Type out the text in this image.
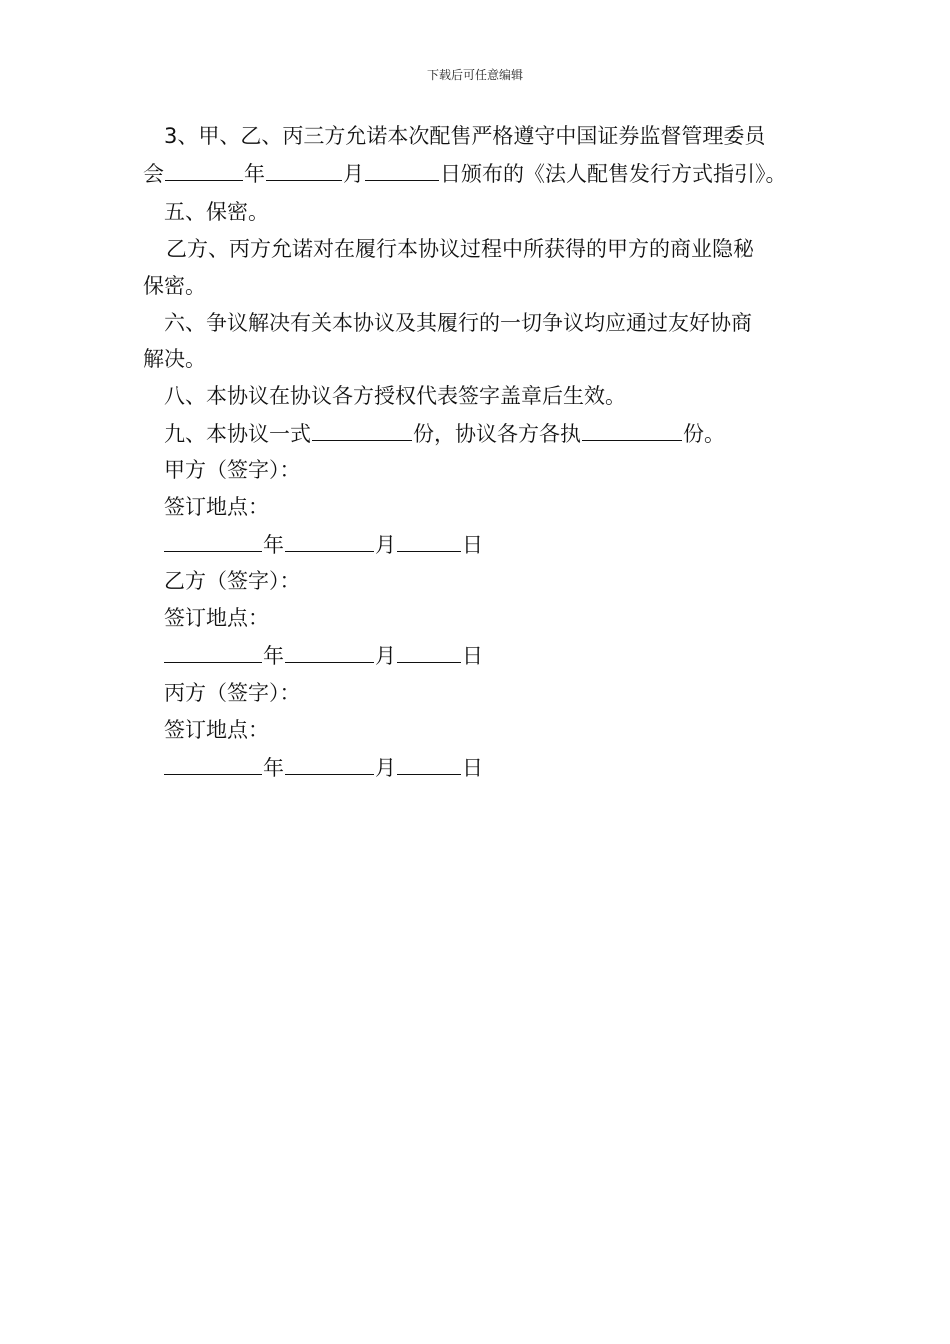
下载后可任意编辑
3、甲、乙、丙三方允诺本次配售严格遵守中国证券监督管理委员
会	年	月	日颁布的《法人配售发行方式指引》。
五、保密。
乙方、丙方允诺对在履行本协议过程中所获得的甲方的商业隐秘
保密。
六、争议解决有关本协议及其履行的一切争议均应通过友好协商
解决。
八、本协议在协议各方授权代表签字盖章后生效。
九、本协议一式	份，协议各方各执	份。
甲方（签字）：
签订地点：
年	月	日
乙方（签字）：
签订地点：
年	月	日
丙方（签字）：
签订地点：
年	月	日
